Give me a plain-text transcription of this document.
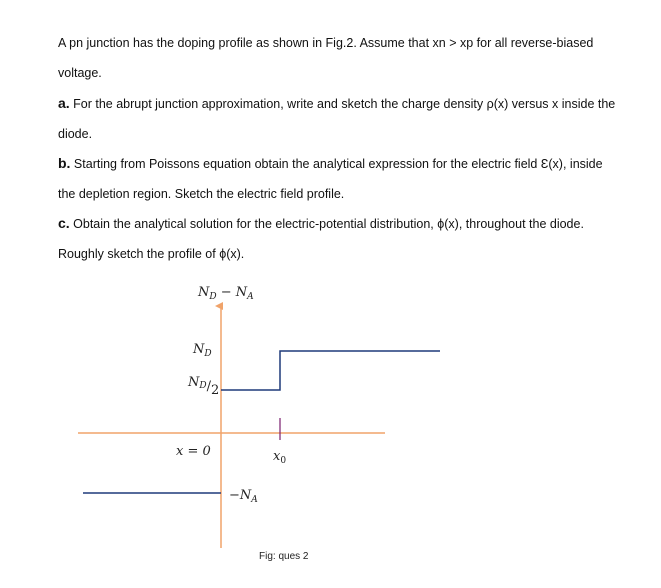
A pn junction has the doping profile as shown in Fig.2. Assume that xn > xp for all reverse-biased voltage.

a. For the abrupt junction approximation, write and sketch the charge density ρ(x) versus x inside the diode.

b. Starting from Poissons equation obtain the analytical expression for the electric field Ɛ(x), inside the depletion region. Sketch the electric field profile.

c. Obtain the analytical solution for the electric-potential distribution, ϕ(x), throughout the diode. Roughly sketch the profile of ϕ(x).

$N_D - N_A$
$N_D$
ND/2
x = 0	$x_0$
$-N_A$
Fig: ques 2
